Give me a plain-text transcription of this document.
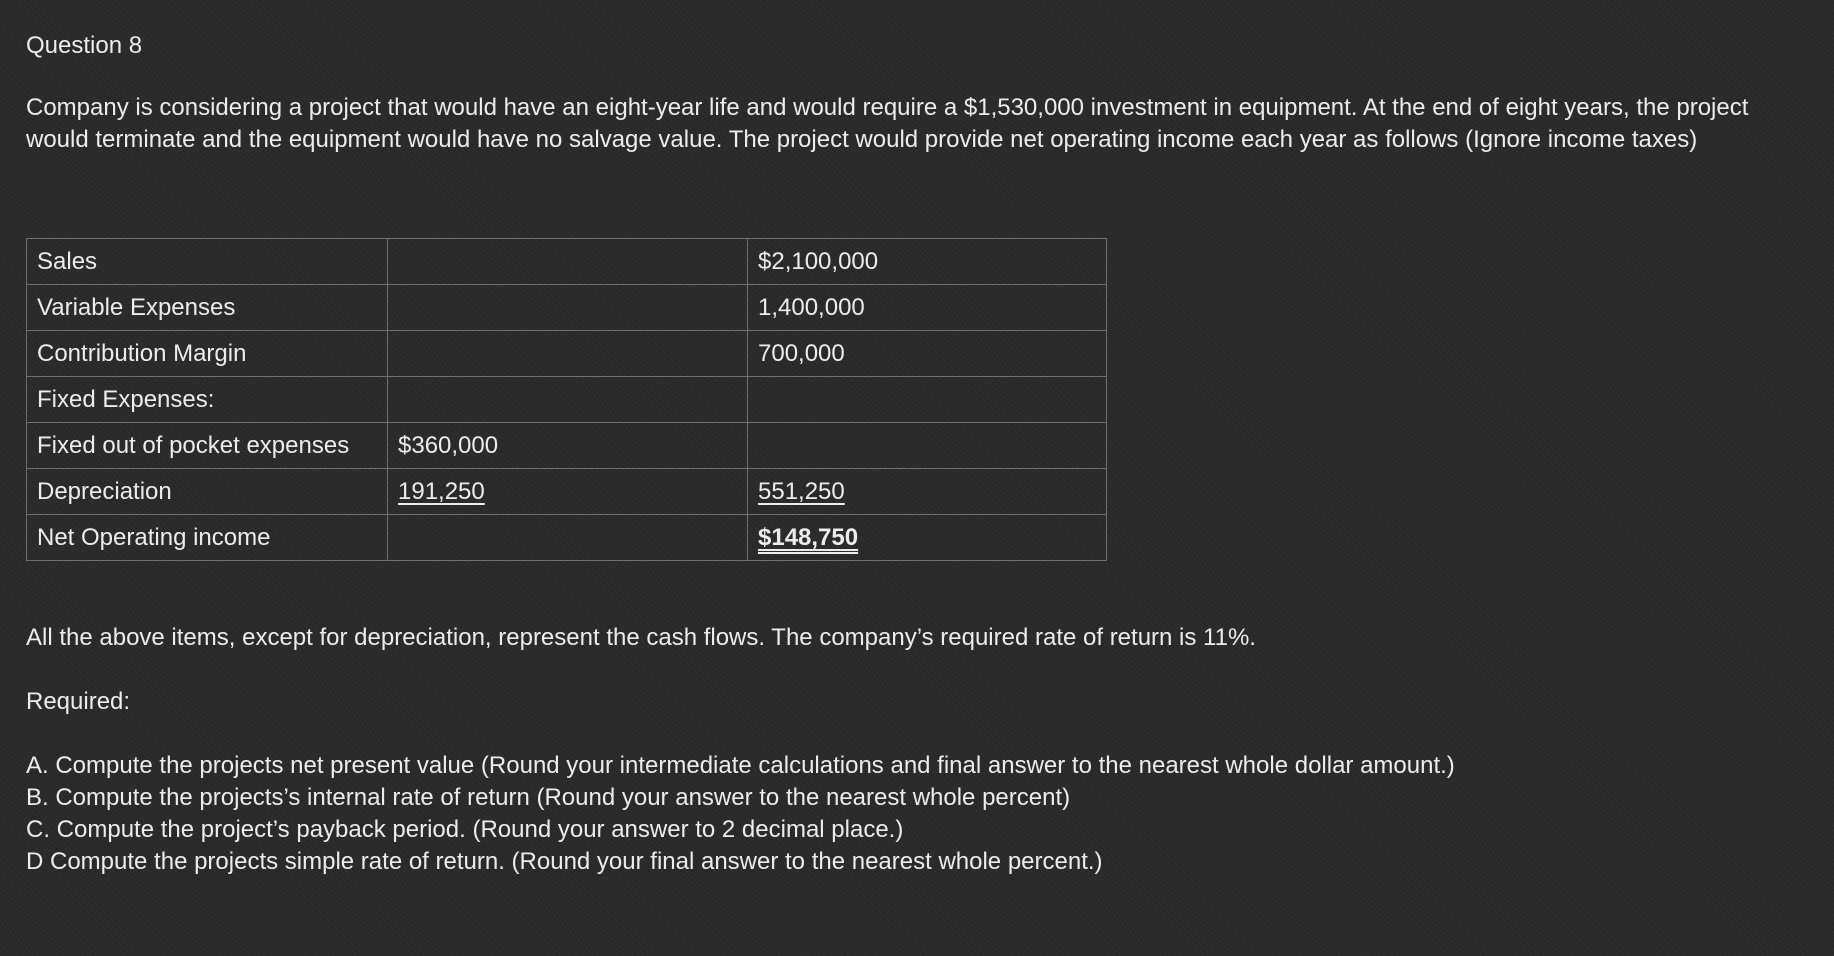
Question 8

Company is considering a project that would have an eight-year life and would require a $1,530,000 investment in equipment. At the end of eight years, the project would terminate and the equipment would have no salvage value. The project would provide net operating income each year as follows (Ignore income taxes)

Sales		$2,100,000
Variable Expenses		1,400,000
Contribution Margin		700,000
Fixed Expenses:		
Fixed out of pocket expenses	$360,000	
Depreciation	191,250	551,250
Net Operating income		$148,750

All the above items, except for depreciation, represent the cash flows. The company’s required rate of return is 11%.

Required:

A. Compute the projects net present value (Round your intermediate calculations and final answer to the nearest whole dollar amount.)
B. Compute the projects’s internal rate of return (Round your answer to the nearest whole percent)
C. Compute the project’s payback period. (Round your answer to 2 decimal place.)
D Compute the projects simple rate of return. (Round your final answer to the nearest whole percent.)
